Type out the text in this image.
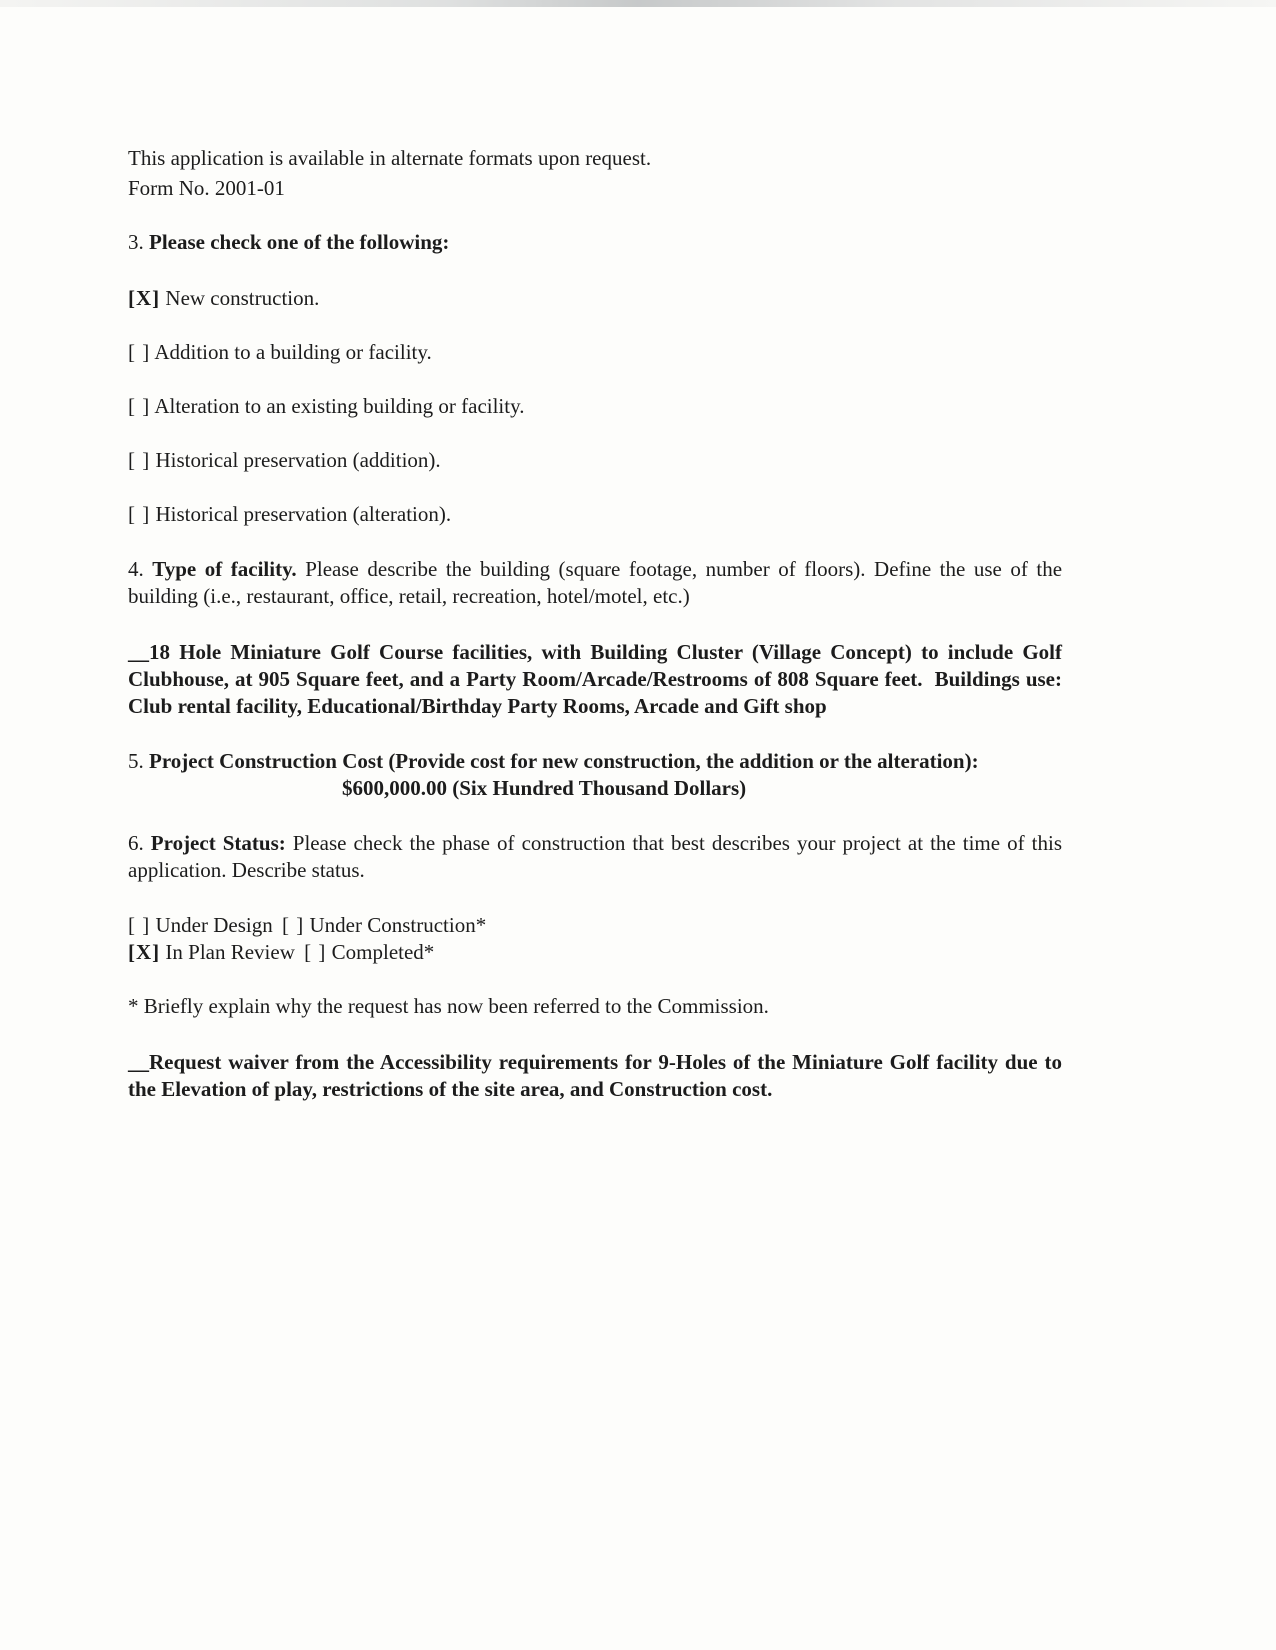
This application is available in alternate formats upon request.

Form No. 2001-01

3. Please check one of the following:

[X] New construction.

[ ] Addition to a building or facility.

[ ] Alteration to an existing building or facility.

[ ] Historical preservation (addition).

[ ] Historical preservation (alteration).

4. Type of facility. Please describe the building (square footage, number of floors). Define the use of the building (i.e., restaurant, office, retail, recreation, hotel/motel, etc.)

__18 Hole Miniature Golf Course facilities, with Building Cluster (Village Concept) to include Golf Clubhouse, at 905 Square feet, and a Party Room/Arcade/Restrooms of 808 Square feet.  Buildings use: Club rental facility, Educational/Birthday Party Rooms, Arcade and Gift shop

5. Project Construction Cost (Provide cost for new construction, the addition or the alteration):

$600,000.00 (Six Hundred Thousand Dollars)

6. Project Status: Please check the phase of construction that best describes your project at the time of this application. Describe status.

[ ] Under Design [ ] Under Construction*

[X] In Plan Review [ ] Completed*

* Briefly explain why the request has now been referred to the Commission.

__Request waiver from the Accessibility requirements for 9-Holes of the Miniature Golf facility due to the Elevation of play, restrictions of the site area, and Construction cost.
